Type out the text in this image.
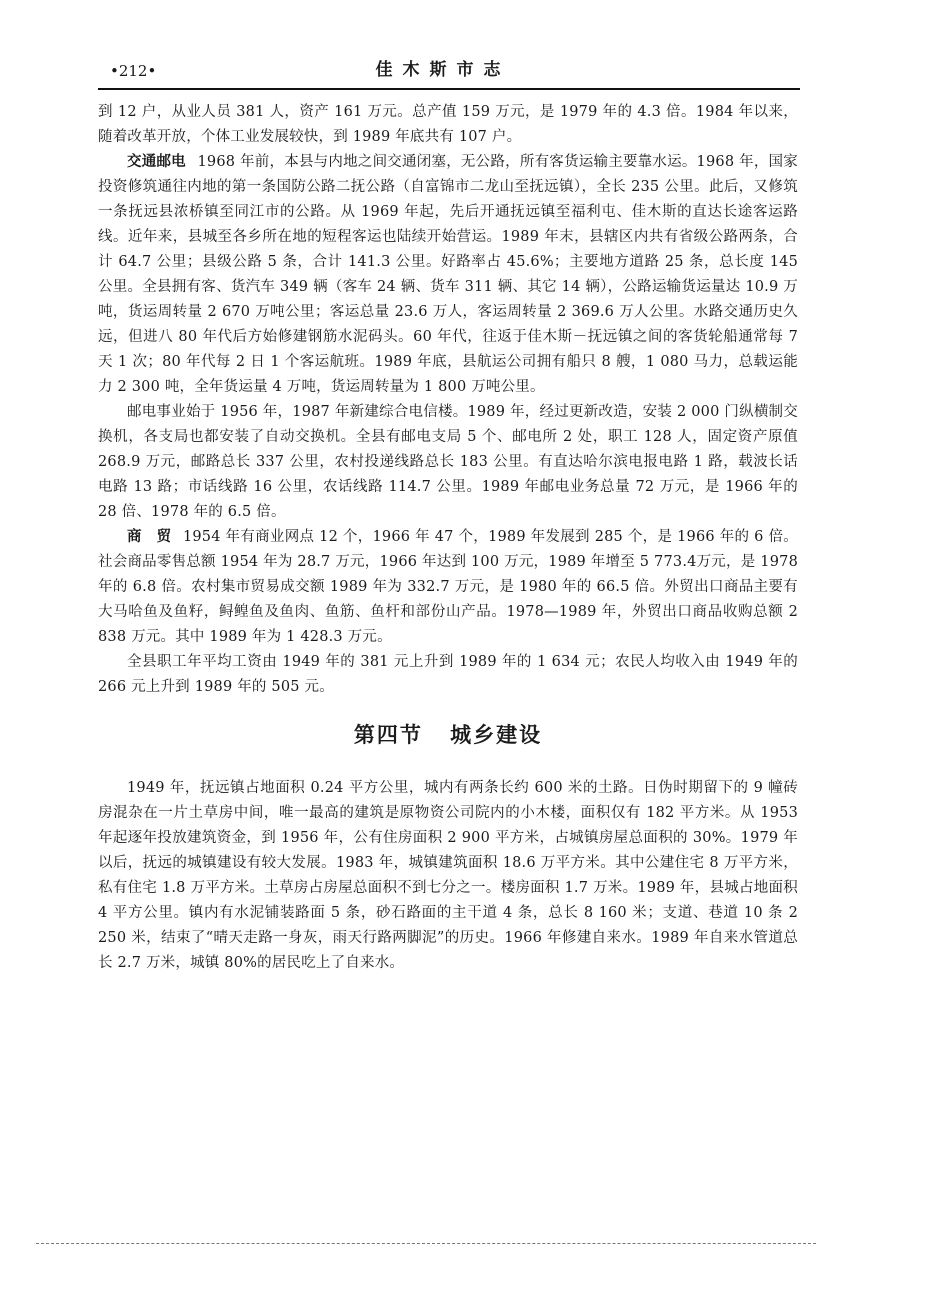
•212•	佳木斯市志

到 12 户，从业人员 381 人，资产 161 万元。总产值 159 万元，是 1979 年的 4.3 倍。1984 年以来，随着改革开放，个体工业发展较快，到 1989 年底共有 107 户。

交通邮电 1968 年前，本县与内地之间交通闭塞，无公路，所有客货运输主要靠水运。1968 年，国家投资修筑通往内地的第一条国防公路二抚公路（自富锦市二龙山至抚远镇），全长 235 公里。此后，又修筑一条抚远县浓桥镇至同江市的公路。从 1969 年起，先后开通抚远镇至福利屯、佳木斯的直达长途客运路线。近年来，县城至各乡所在地的短程客运也陆续开始营运。1989 年末，县辖区内共有省级公路两条，合计 64.7 公里；县级公路 5 条，合计 141.3 公里。好路率占 45.6%；主要地方道路 25 条，总长度 145 公里。全县拥有客、货汽车 349 辆（客车 24 辆、货车 311 辆、其它 14 辆），公路运输货运量达 10.9 万吨，货运周转量 2 670 万吨公里；客运总量 23.6 万人，客运周转量 2 369.6 万人公里。水路交通历史久远，但进八 80 年代后方始修建钢筋水泥码头。60 年代，往返于佳木斯－抚远镇之间的客货轮船通常每 7 天 1 次；80 年代每 2 日 1 个客运航班。1989 年底，县航运公司拥有船只 8 艘，1 080 马力，总载运能力 2 300 吨，全年货运量 4 万吨，货运周转量为 1 800 万吨公里。

邮电事业始于 1956 年，1987 年新建综合电信楼。1989 年，经过更新改造，安装 2 000 门纵横制交换机，各支局也都安装了自动交换机。全县有邮电支局 5 个、邮电所 2 处，职工 128 人，固定资产原值 268.9 万元，邮路总长 337 公里，农村投递线路总长 183 公里。有直达哈尔滨电报电路 1 路，载波长话电路 13 路；市话线路 16 公里，农话线路 114.7 公里。1989 年邮电业务总量 72 万元，是 1966 年的 28 倍、1978 年的 6.5 倍。

商　贸 1954 年有商业网点 12 个，1966 年 47 个，1989 年发展到 285 个，是 1966 年的 6 倍。社会商品零售总额 1954 年为 28.7 万元，1966 年达到 100 万元，1989 年增至 5 773.4万元，是 1978 年的 6.8 倍。农村集市贸易成交额 1989 年为 332.7 万元，是 1980 年的 66.5 倍。外贸出口商品主要有大马哈鱼及鱼籽，鲟鳇鱼及鱼肉、鱼筋、鱼杆和部份山产品。1978—1989 年，外贸出口商品收购总额 2 838 万元。其中 1989 年为 1 428.3 万元。

全县职工年平均工资由 1949 年的 381 元上升到 1989 年的 1 634 元；农民人均收入由 1949 年的 266 元上升到 1989 年的 505 元。

第四节 城乡建设

1949 年，抚远镇占地面积 0.24 平方公里，城内有两条长约 600 米的土路。日伪时期留下的 9 幢砖房混杂在一片土草房中间，唯一最高的建筑是原物资公司院内的小木楼，面积仅有 182 平方米。从 1953 年起逐年投放建筑资金，到 1956 年，公有住房面积 2 900 平方米，占城镇房屋总面积的 30%。1979 年以后，抚远的城镇建设有较大发展。1983 年，城镇建筑面积 18.6 万平方米。其中公建住宅 8 万平方米，私有住宅 1.8 万平方米。土草房占房屋总面积不到七分之一。楼房面积 1.7 万米。1989 年，县城占地面积 4 平方公里。镇内有水泥铺装路面 5 条，砂石路面的主干道 4 条，总长 8 160 米；支道、巷道 10 条 2 250 米，结束了“晴天走路一身灰，雨天行路两脚泥”的历史。1966 年修建自来水。1989 年自来水管道总长 2.7 万米，城镇 80%的居民吃上了自来水。
